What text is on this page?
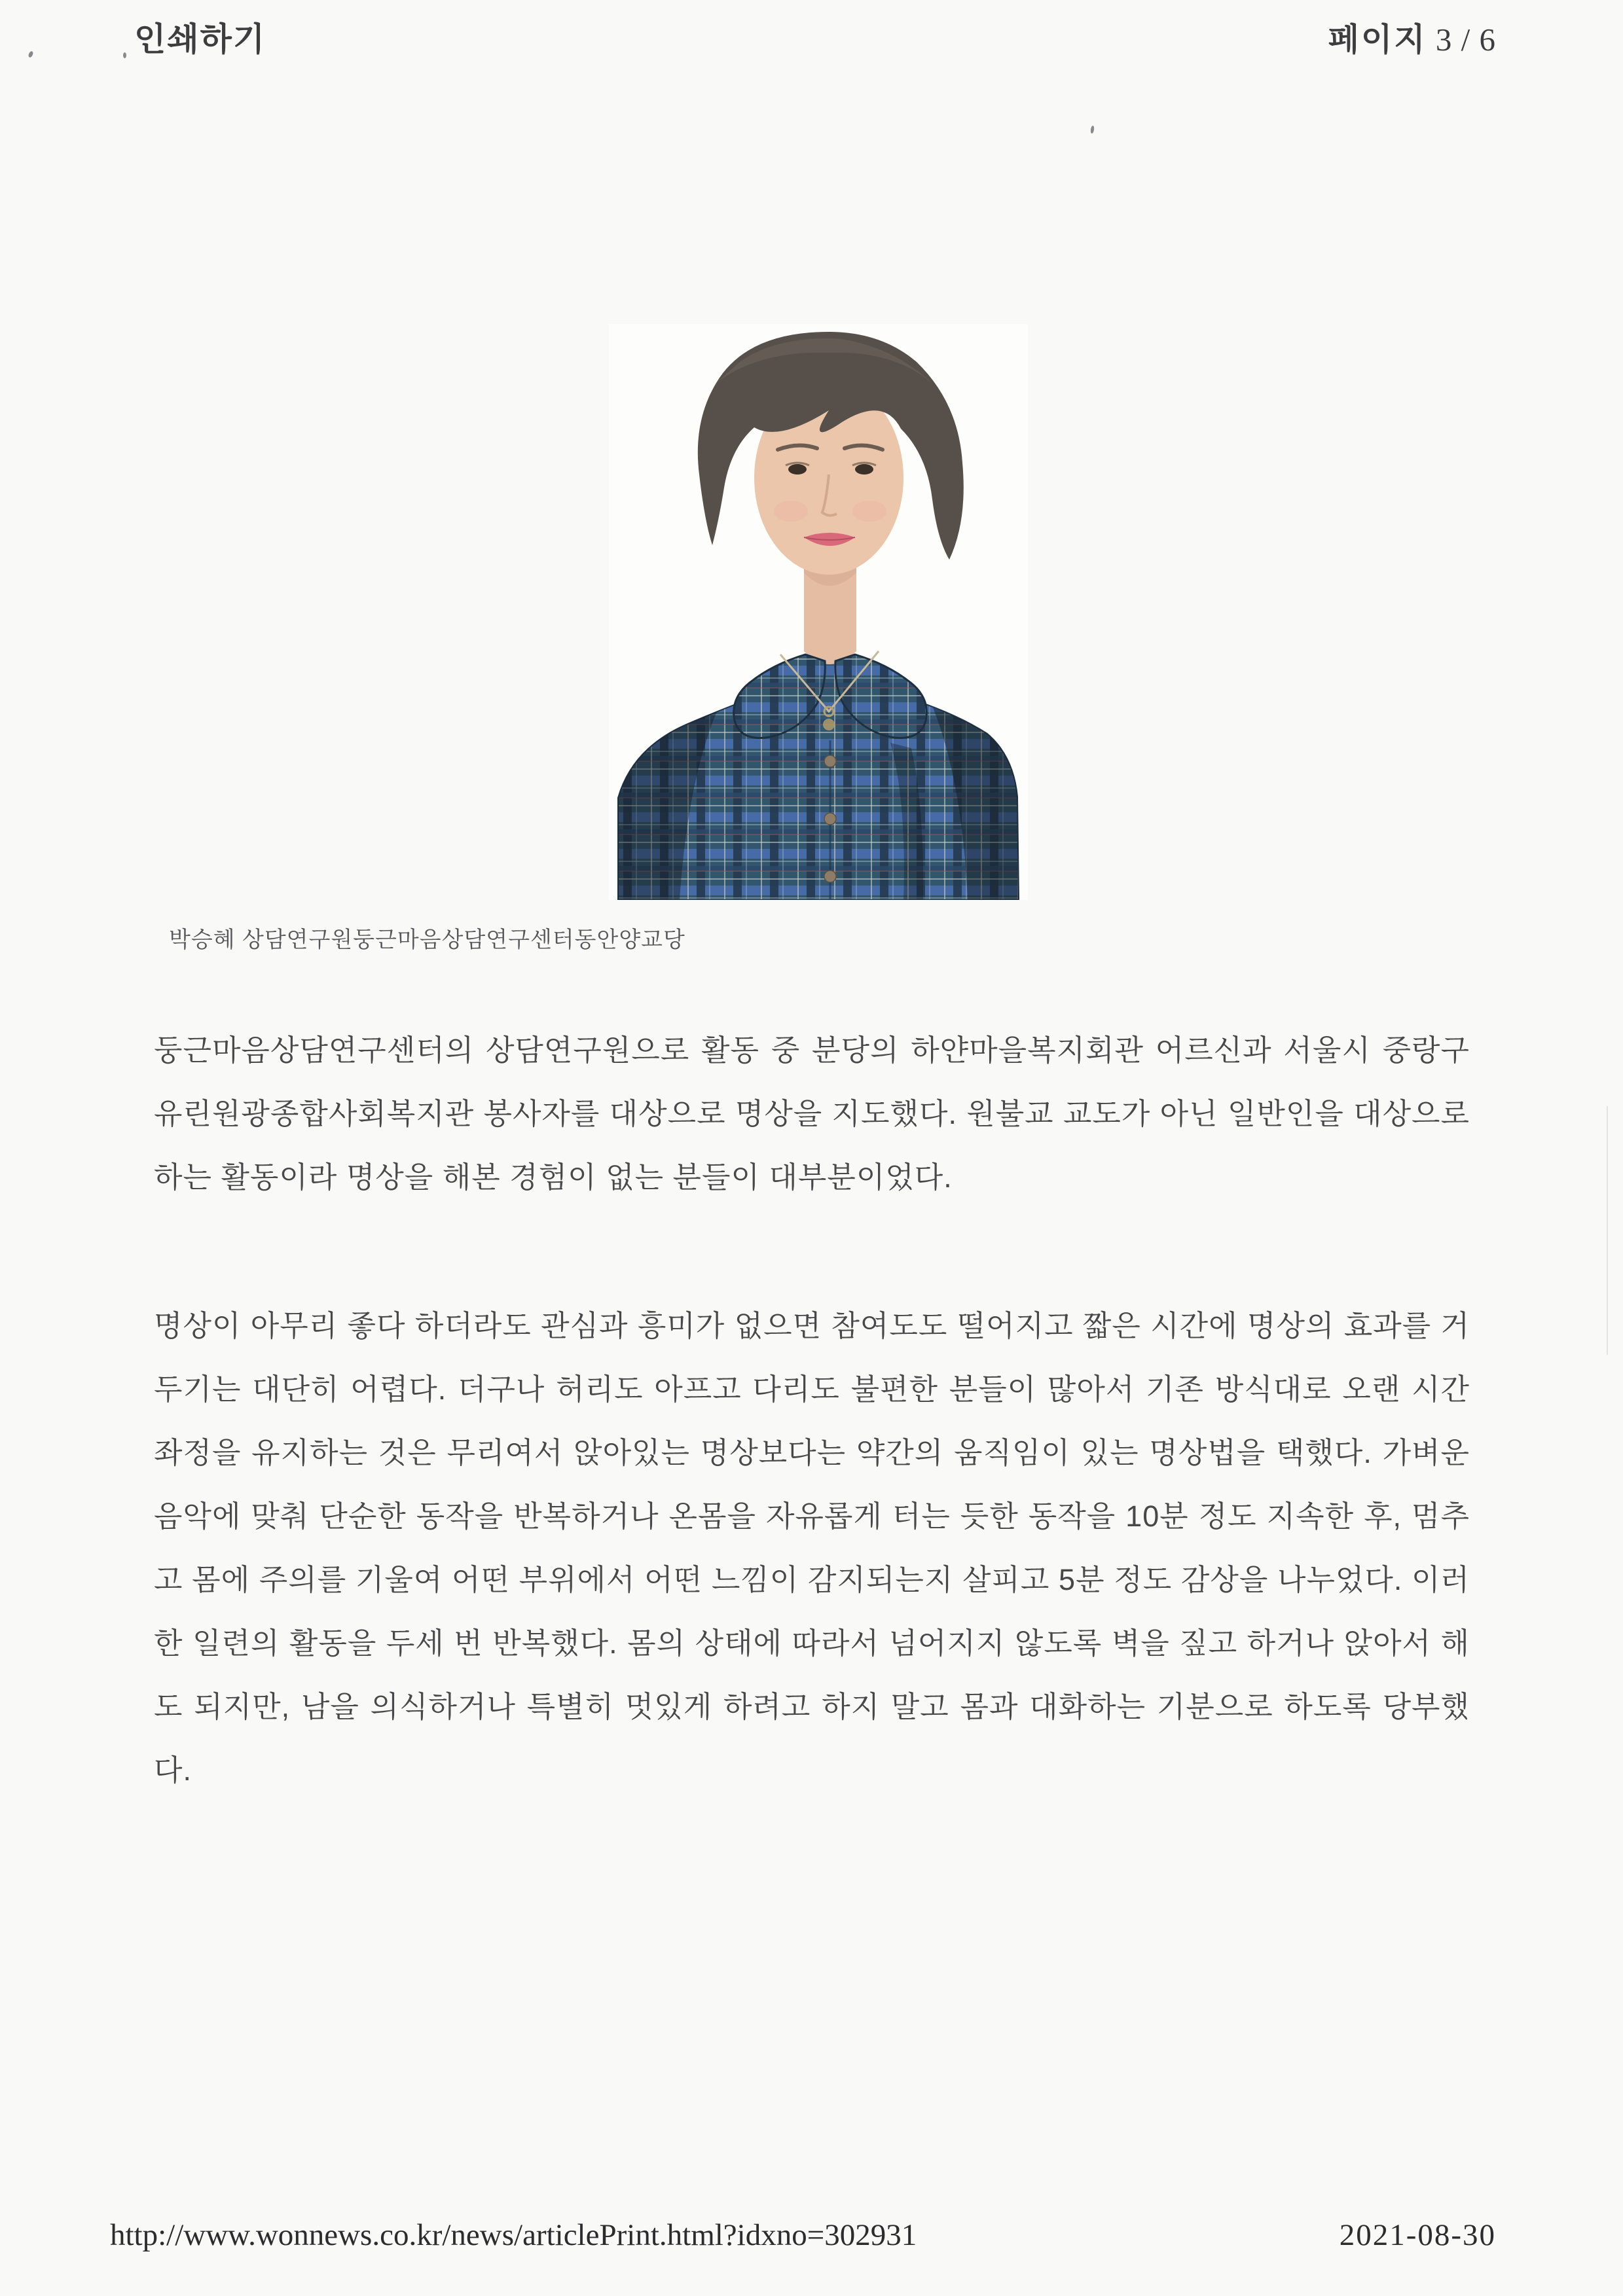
인쇄하기	페이지 3 / 6
박승혜 상담연구원둥근마음상담연구센터동안양교당

둥근마음상담연구센터의 상담연구원으로 활동 중 분당의 하얀마을복지회관 어르신과 서울시 중랑구 유린원광종합사회복지관 봉사자를 대상으로 명상을 지도했다. 원불교 교도가 아닌 일반인을 대상으로 하는 활동이라 명상을 해본 경험이 없는 분들이 대부분이었다.

명상이 아무리 좋다 하더라도 관심과 흥미가 없으면 참여도도 떨어지고 짧은 시간에 명상의 효과를 거두기는 대단히 어렵다. 더구나 허리도 아프고 다리도 불편한 분들이 많아서 기존 방식대로 오랜 시간 좌정을 유지하는 것은 무리여서 앉아있는 명상보다는 약간의 움직임이 있는 명상법을 택했다. 가벼운 음악에 맞춰 단순한 동작을 반복하거나 온몸을 자유롭게 터는 듯한 동작을 10분 정도 지속한 후, 멈추고 몸에 주의를 기울여 어떤 부위에서 어떤 느낌이 감지되는지 살피고 5분 정도 감상을 나누었다. 이러한 일련의 활동을 두세 번 반복했다. 몸의 상태에 따라서 넘어지지 않도록 벽을 짚고 하거나 앉아서 해도 되지만, 남을 의식하거나 특별히 멋있게 하려고 하지 말고 몸과 대화하는 기분으로 하도록 당부했다.

http://www.wonnews.co.kr/news/articlePrint.html?idxno=302931	2021-08-30
